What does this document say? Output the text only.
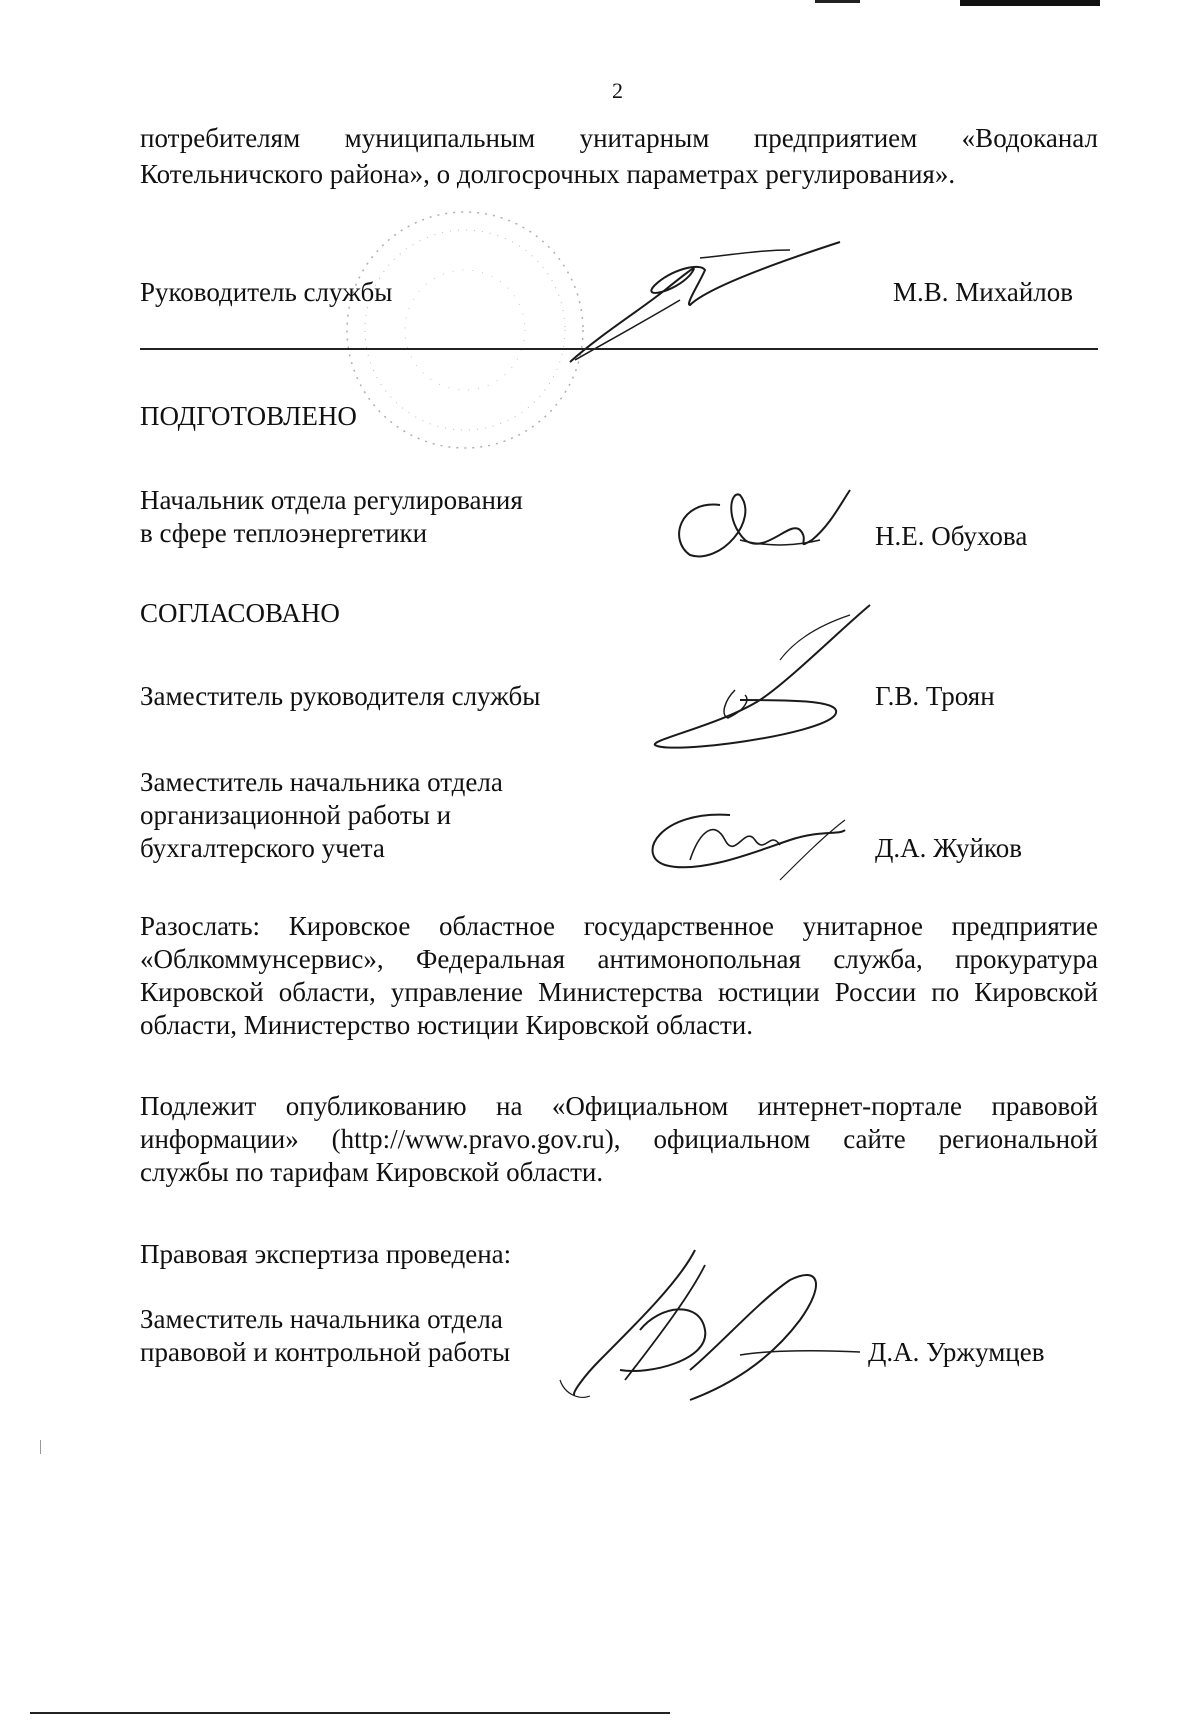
2
потребителям муниципальным унитарным предприятием «Водоканал
Котельничского района», о долгосрочных параметрах регулирования».
Руководитель службы	М.В. Михайлов
ПОДГОТОВЛЕНО
Начальник отдела регулирования
в сфере теплоэнергетики	Н.Е. Обухова
СОГЛАСОВАНО
Заместитель руководителя службы	Г.В. Троян
Заместитель начальника отдела
организационной работы и
бухгалтерского учета	Д.А. Жуйков
Разослать: Кировское областное государственное унитарное предприятие
«Облкоммунсервис», Федеральная антимонопольная служба, прокуратура
Кировской области, управление Министерства юстиции России по Кировской
области, Министерство юстиции Кировской области.
Подлежит опубликованию на «Официальном интернет-портале правовой
информации» (http://www.pravo.gov.ru), официальном сайте региональной
службы по тарифам Кировской области.
Правовая экспертиза проведена:
Заместитель начальника отдела
правовой и контрольной работы	Д.А. Уржумцев
